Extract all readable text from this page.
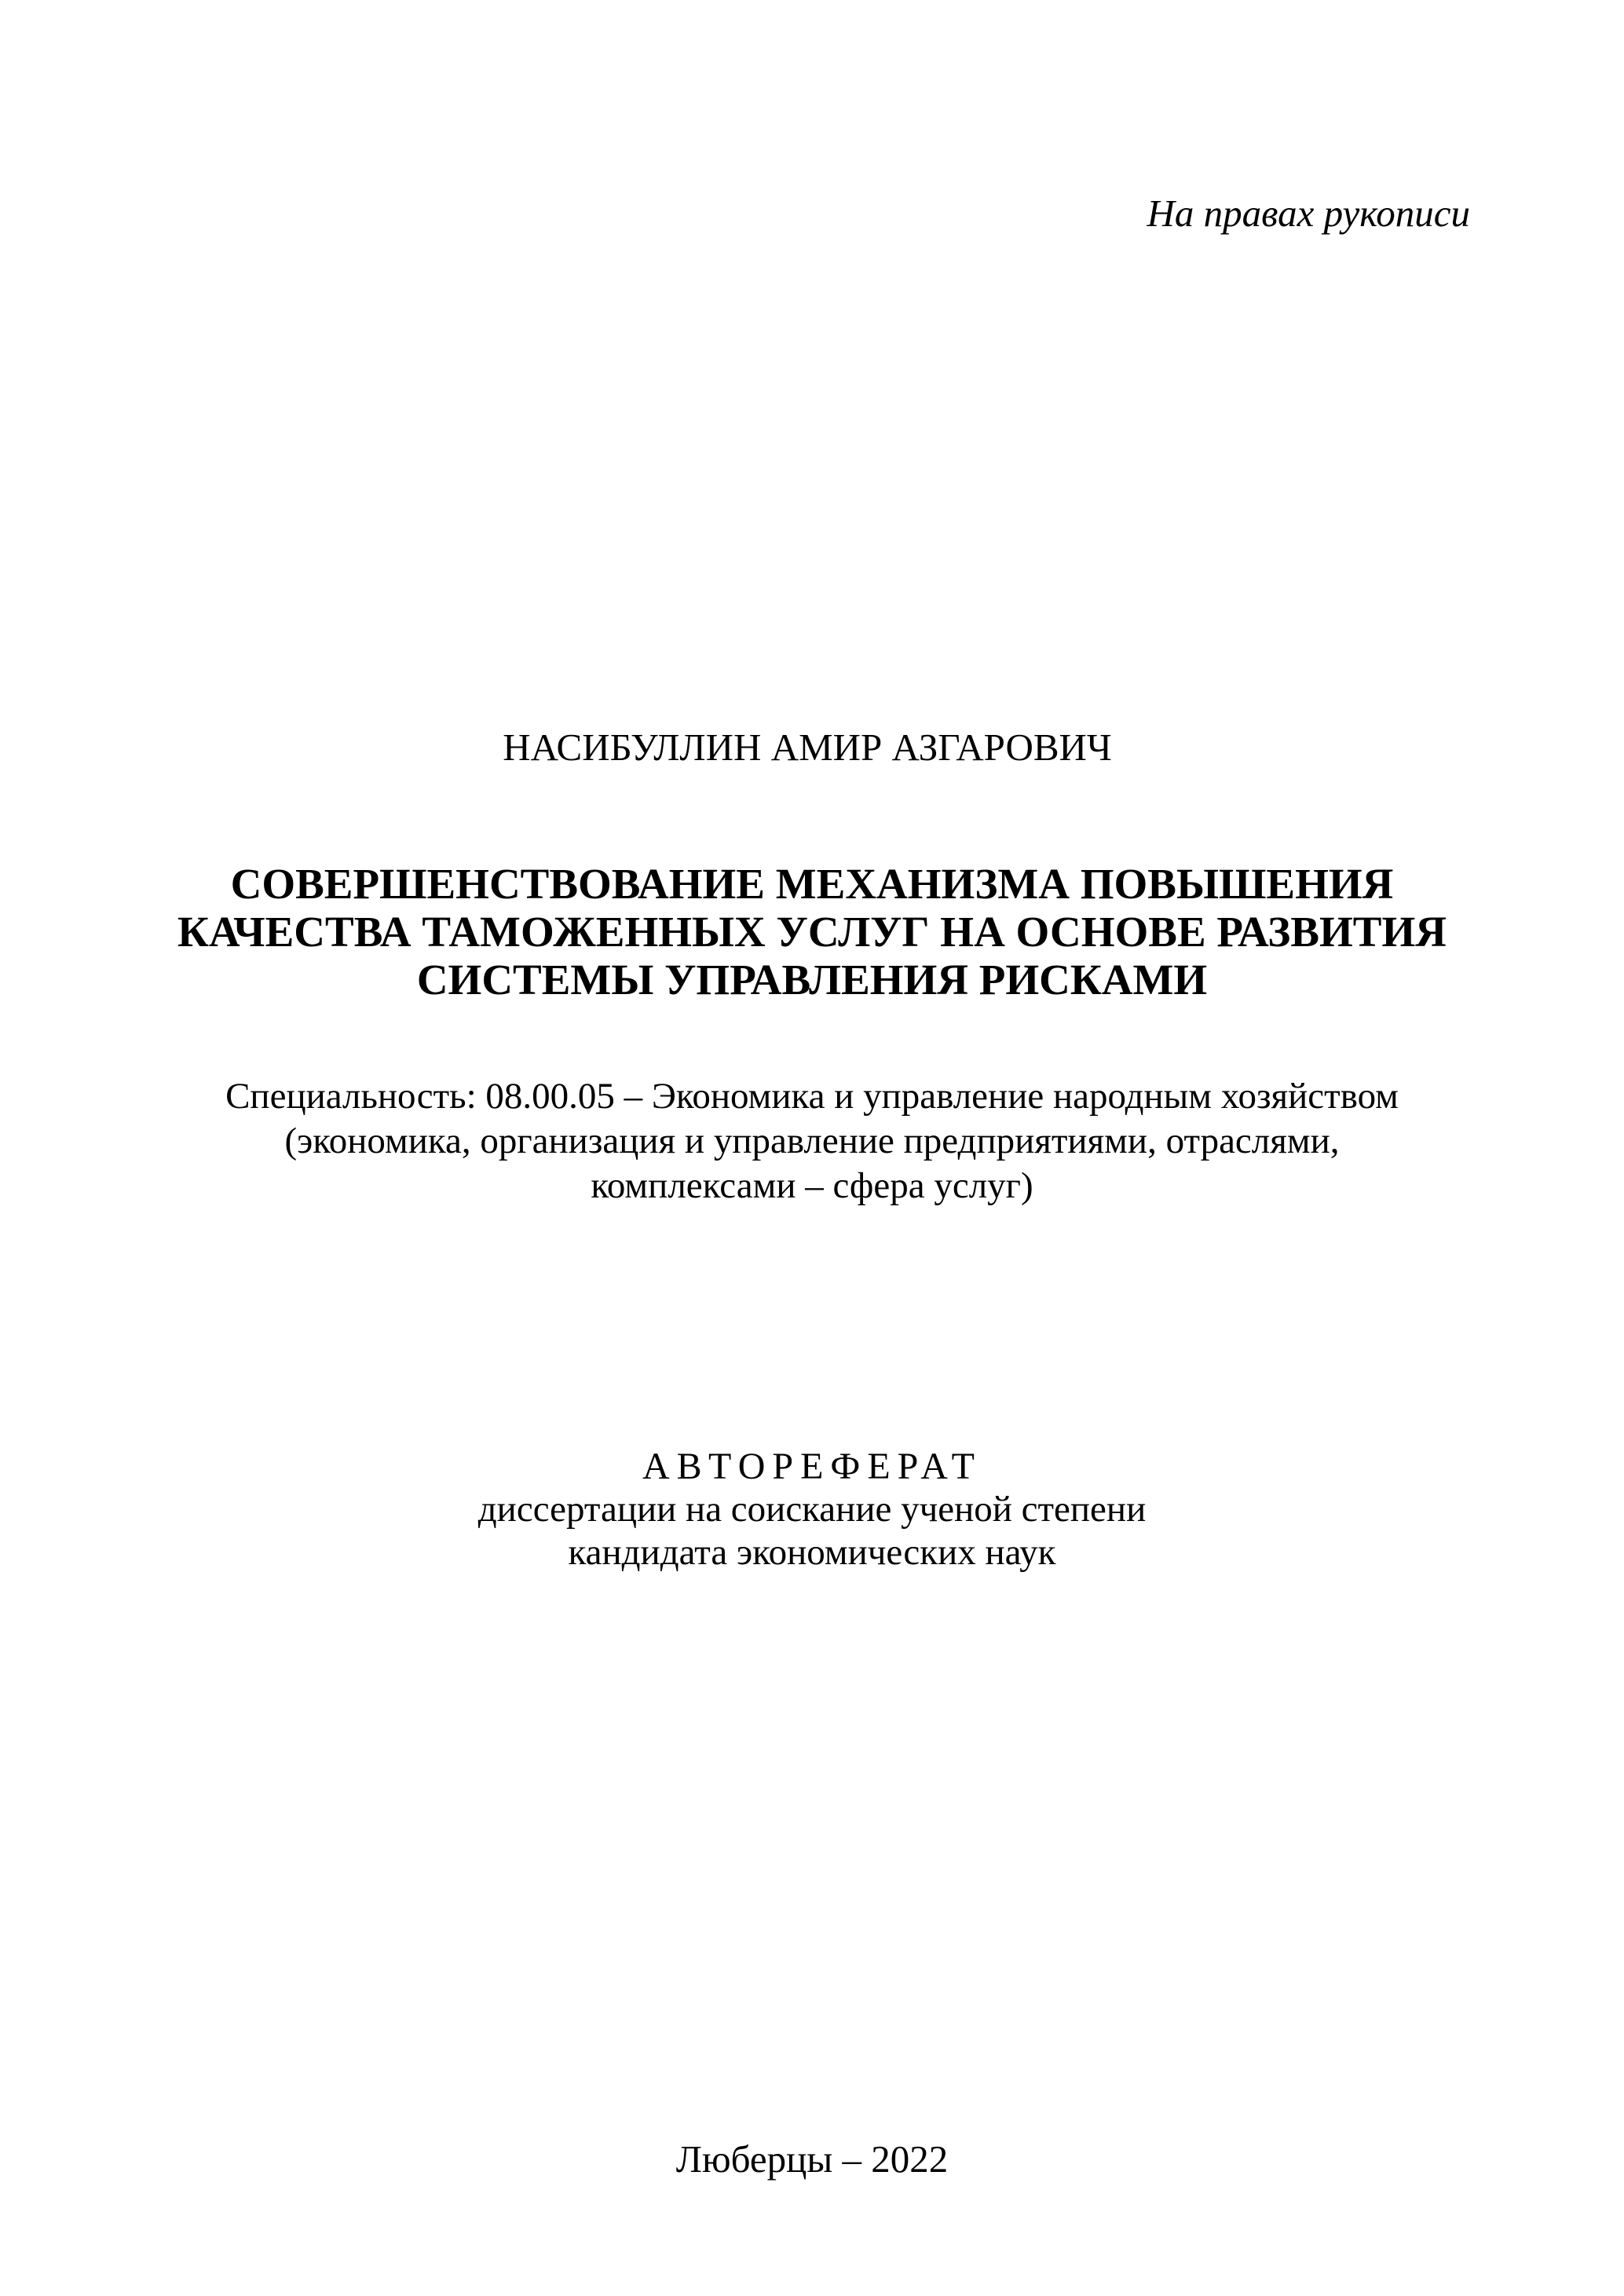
На правах рукописи
НАСИБУЛЛИН АМИР АЗГАРОВИЧ
СОВЕРШЕНСТВОВАНИЕ МЕХАНИЗМА ПОВЫШЕНИЯ
КАЧЕСТВА ТАМОЖЕННЫХ УСЛУГ НА ОСНОВЕ РАЗВИТИЯ
СИСТЕМЫ УПРАВЛЕНИЯ РИСКАМИ
Специальность: 08.00.05 – Экономика и управление народным хозяйством
(экономика, организация и управление предприятиями, отраслями,
комплексами – сфера услуг)
АВТОРЕФЕРАТ
диссертации на соискание ученой степени
кандидата экономических наук
Люберцы – 2022
